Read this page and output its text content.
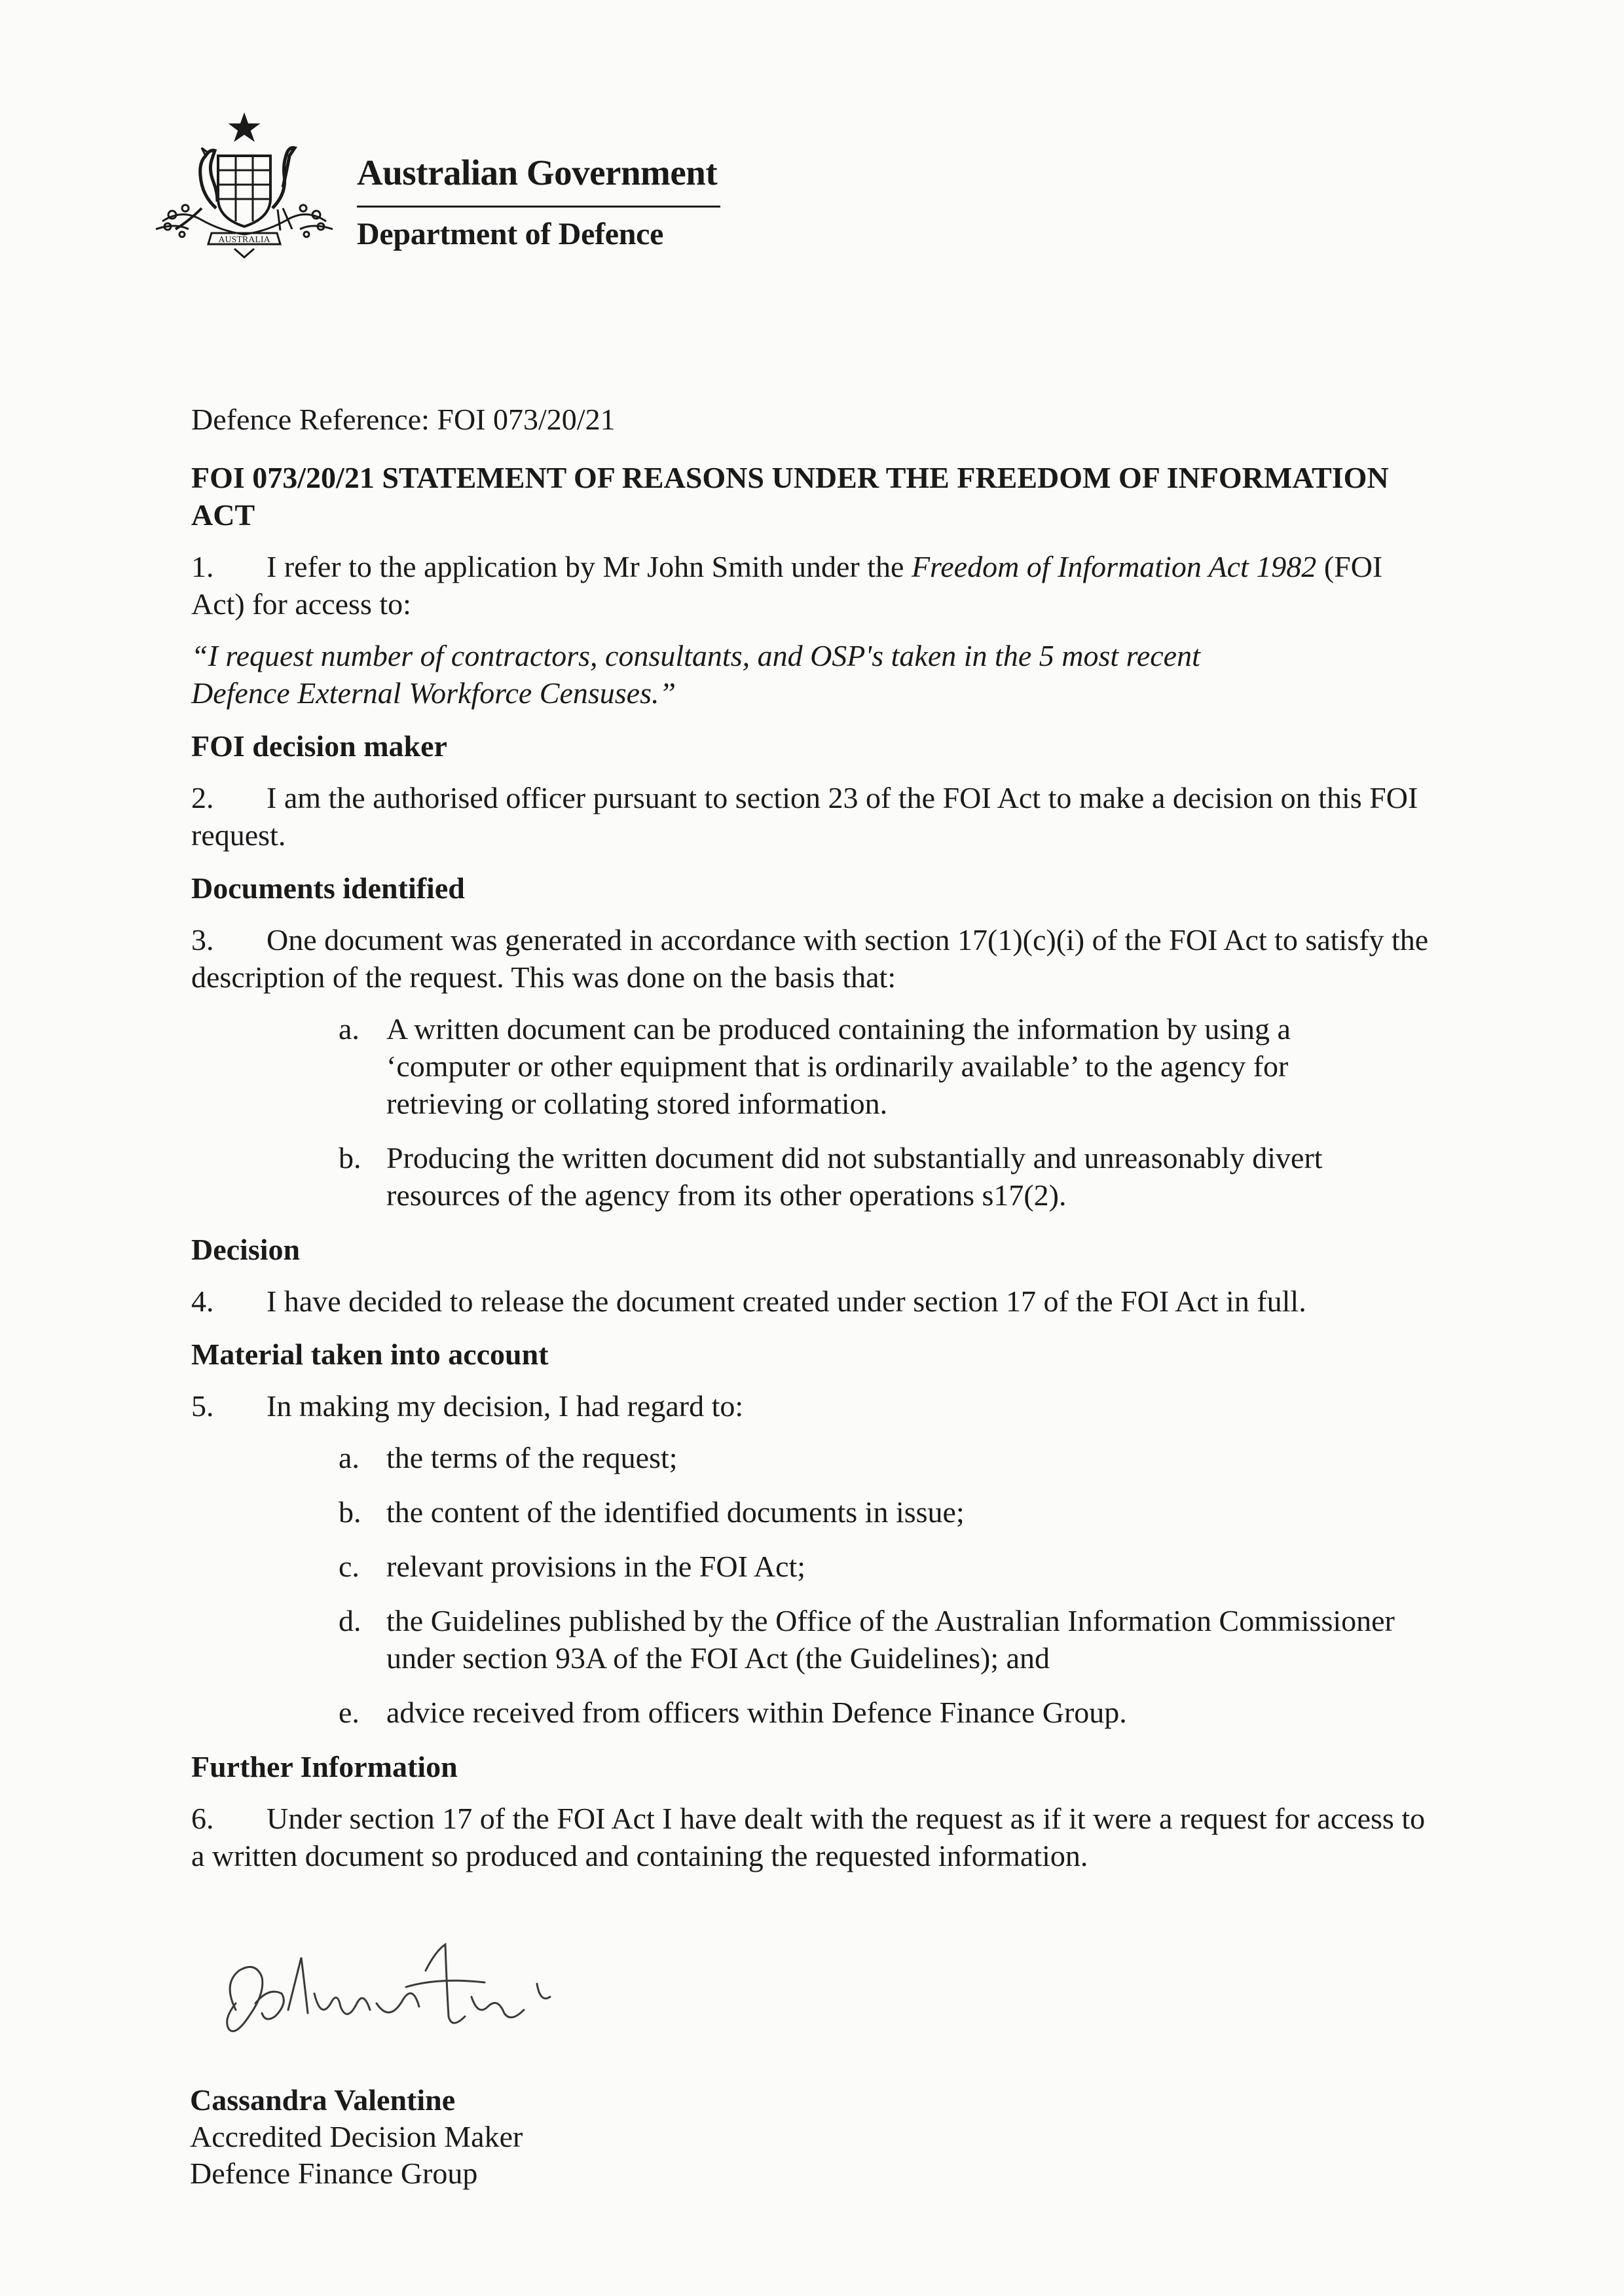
AUSTRALIA
Australian Government
Department of Defence

Defence Reference: FOI 073/20/21

FOI 073/20/21 STATEMENT OF REASONS UNDER THE FREEDOM OF INFORMATION ACT

1. I refer to the application by Mr John Smith under the Freedom of Information Act 1982 (FOI Act) for access to:

“I request number of contractors, consultants, and OSP's taken in the 5 most recent Defence External Workforce Censuses.”

FOI decision maker

2. I am the authorised officer pursuant to section 23 of the FOI Act to make a decision on this FOI request.

Documents identified

3. One document was generated in accordance with section 17(1)(c)(i) of the FOI Act to satisfy the description of the request. This was done on the basis that:

a. A written document can be produced containing the information by using a ‘computer or other equipment that is ordinarily available’ to the agency for retrieving or collating stored information.

b. Producing the written document did not substantially and unreasonably divert resources of the agency from its other operations s17(2).

Decision

4. I have decided to release the document created under section 17 of the FOI Act in full.

Material taken into account

5. In making my decision, I had regard to:

a. the terms of the request;

b. the content of the identified documents in issue;

c. relevant provisions in the FOI Act;

d. the Guidelines published by the Office of the Australian Information Commissioner under section 93A of the FOI Act (the Guidelines); and

e. advice received from officers within Defence Finance Group.

Further Information

6. Under section 17 of the FOI Act I have dealt with the request as if it were a request for access to a written document so produced and containing the requested information.

Cassandra Valentine
Accredited Decision Maker
Defence Finance Group
